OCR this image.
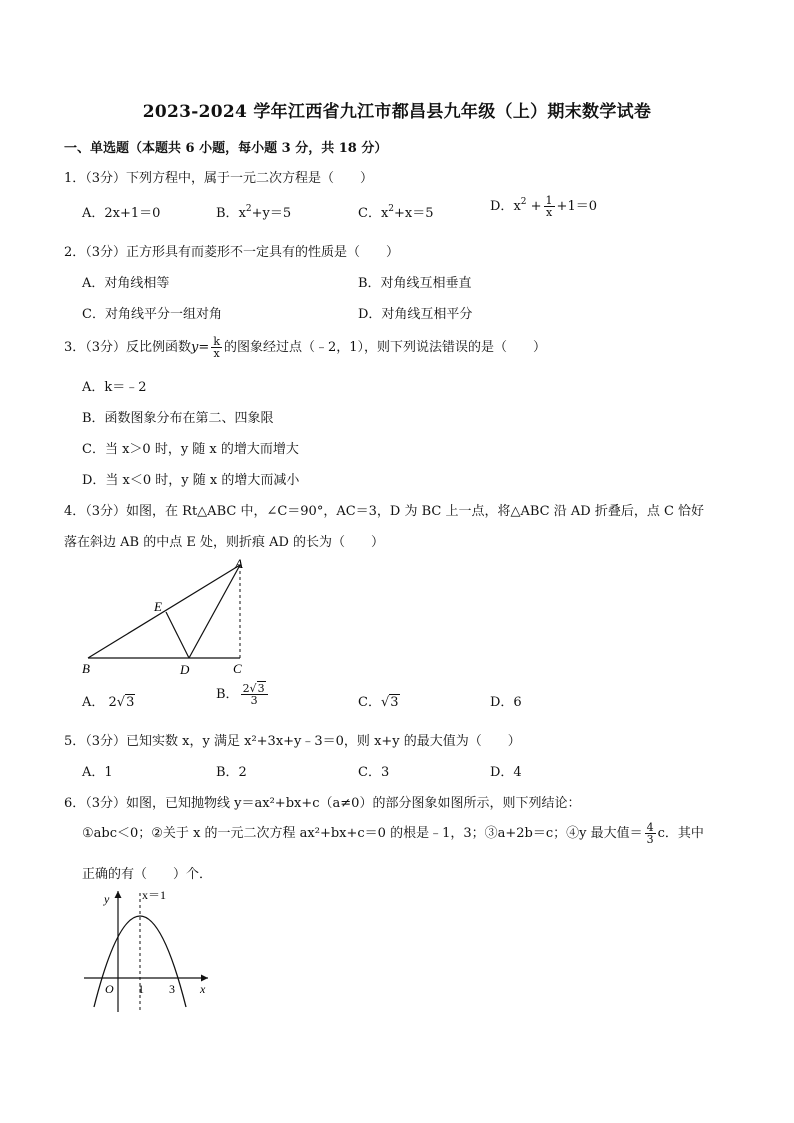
2023-2024 学年江西省九江市都昌县九年级（上）期末数学试卷
一、单选题（本题共 6 小题，每小题 3 分，共 18 分）
1．（3分）下列方程中，属于一元二次方程是（　　）
A．2x+1＝0	B．$x^2+y=5$	C．$x^2+x=5$	D．$x^2 + \frac{1}{x} +1=0$
2．（3分）正方形具有而菱形不一定具有的性质是（　　）
A．对角线相等	B．对角线互相垂直
C．对角线平分一组对角	D．对角线互相平分
3．（3分）反比例函数$y= \frac{k}{x}$ 的图象经过点（﹣2，1），则下列说法错误的是（　　）
A．k＝﹣2
B．函数图象分布在第二、四象限
C．当 x＞0 时，y 随 x 的增大而增大
D．当 x＜0 时，y 随 x 的增大而减小
4．（3分）如图，在 Rt△ABC 中，∠C＝90°，AC＝3，D 为 BC 上一点，将△ABC 沿 AD 折叠后，点 C 恰好
落在斜边 AB 的中点 E 处，则折痕 AD 的长为（　　）
A
B	C
D
E
A． 2√3
B． $\frac{2√3}{3}$	C．√3	D．6
5．（3分）已知实数 x，y 满足 x²+3x+y﹣3＝0，则 x+y 的最大值为（　　）
A．1	B．2	C．3	D．4
6．（3分）如图，已知抛物线 y＝ax²+bx+c（a≠0）的部分图象如图所示，则下列结论：
①abc＜0；②关于 x 的一元二次方程 ax²+bx+c＝0 的根是﹣1，3；③a+2b＝c；④y 最大值＝ $\frac{4}{3}$ c．其中
正确的有（　　）个．
x＝1
y
x
O 1 3
